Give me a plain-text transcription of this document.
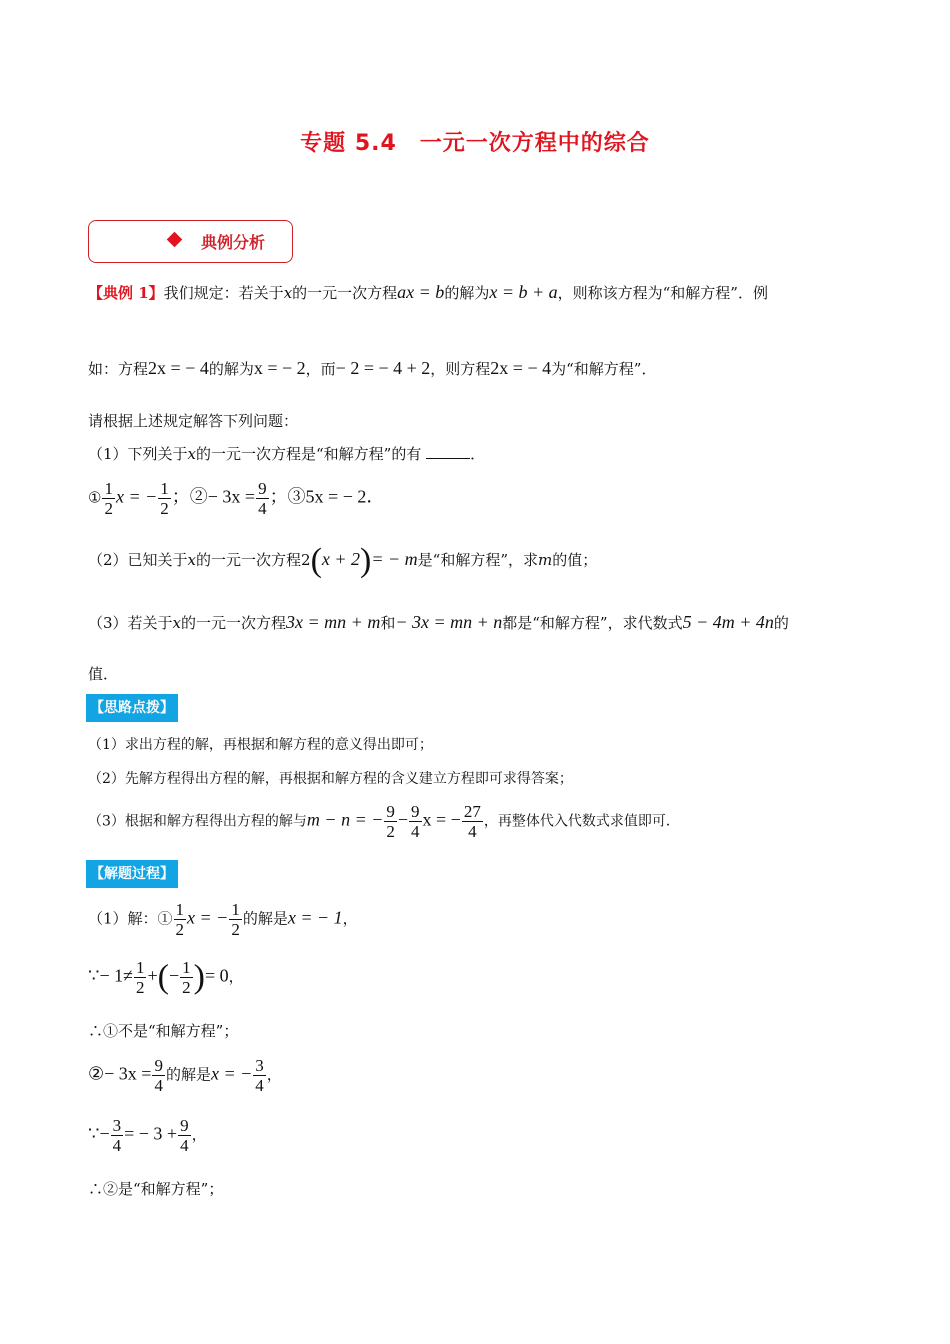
专题 5.4　一元一次方程中的综合
典例分析
【典例 1】我们规定：若关于x的一元一次方程ax = b的解为x = b + a，则称该方程为“和解方程”．例
如：方程2x = − 4的解为x = − 2，而− 2 = − 4 + 2，则方程2x = − 4为“和解方程”．
请根据上述规定解答下列问题：
（1）下列关于x的一元一次方程是“和解方程”的有	．
① $\frac{1}{2}$ x = − $\frac{1}{2}$ ；②− $3x = \frac{9}{4}$ ；③5x = − 2．
（2）已知关于x的一元一次方程2(x + 2)= − m是“和解方程”，求m的值；
（3）若关于x的一元一次方程3x = mn + m和− 3x = mn + n都是“和解方程”，求代数式5 − 4m + 4n的
值．
【思路点拨】
（1）求出方程的解，再根据和解方程的意义得出即可；
（2）先解方程得出方程的解，再根据和解方程的含义建立方程即可求得答案；
（3）根据和解方程得出方程的解与m − n = − $\frac{9}{2} - \frac{9}{4}$ x = − $\frac{27}{4}$ ，再整体代入代数式求值即可．
【解题过程】
（1）解：① $\frac{1}{2}$ x = − $\frac{1}{2}$ 的解是x = − 1，
∵− $1\ne \frac{1}{2}$ +(− $\frac{1}{2}$ )= 0，
∴①不是“和解方程”；
②− $3x = \frac{9}{4}$ 的解是x = − $\frac{3}{4}$ ，
∵− $\frac{3}{4}$ = − $3 + \frac{9}{4}$ ，
∴②是“和解方程”；
